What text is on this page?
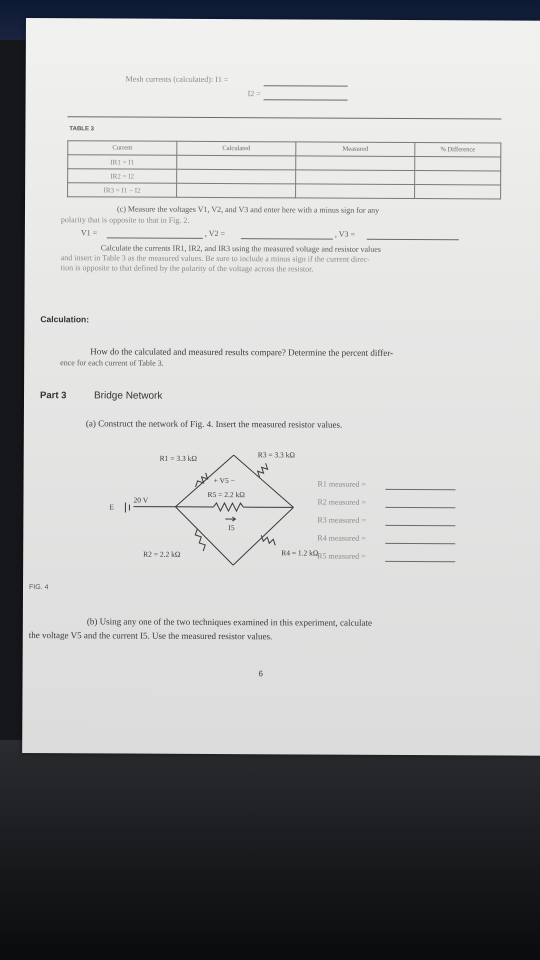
Mesh currents (calculated): I1 =
I2 =
TABLE 3
Current	Calculated	Measured	% Difference
IR1 = I1			
IR2 = I2			
IR3 = I1 − I2			
(c) Measure the voltages V1, V2, and V3 and enter here with a minus sign for any
polarity that is opposite to that in Fig. 2.
V1 =	, V2 =	, V3 =
Calculate the currents IR1, IR2, and IR3 using the measured voltage and resistor values
and insert in Table 3 as the measured values. Be sure to include a minus sign if the current direc-
tion is opposite to that defined by the polarity of the voltage across the resistor.
Calculation:
How do the calculated and measured results compare? Determine the percent differ-
ence for each current of Table 3.
Part 3	Bridge Network
(a) Construct the network of Fig. 4. Insert the measured resistor values.
R1 = 3.3 kΩ	R3 = 3.3 kΩ
+ V5 −
R5 = 2.2 kΩ
E
20 V
I5
R2 = 2.2 kΩ	R4 = 1.2 kΩ
R1 measured =
R2 measured =
R3 measured =
R4 measured =
R5 measured =
FIG. 4
(b) Using any one of the two techniques examined in this experiment, calculate
the voltage V5 and the current I5. Use the measured resistor values.
6
